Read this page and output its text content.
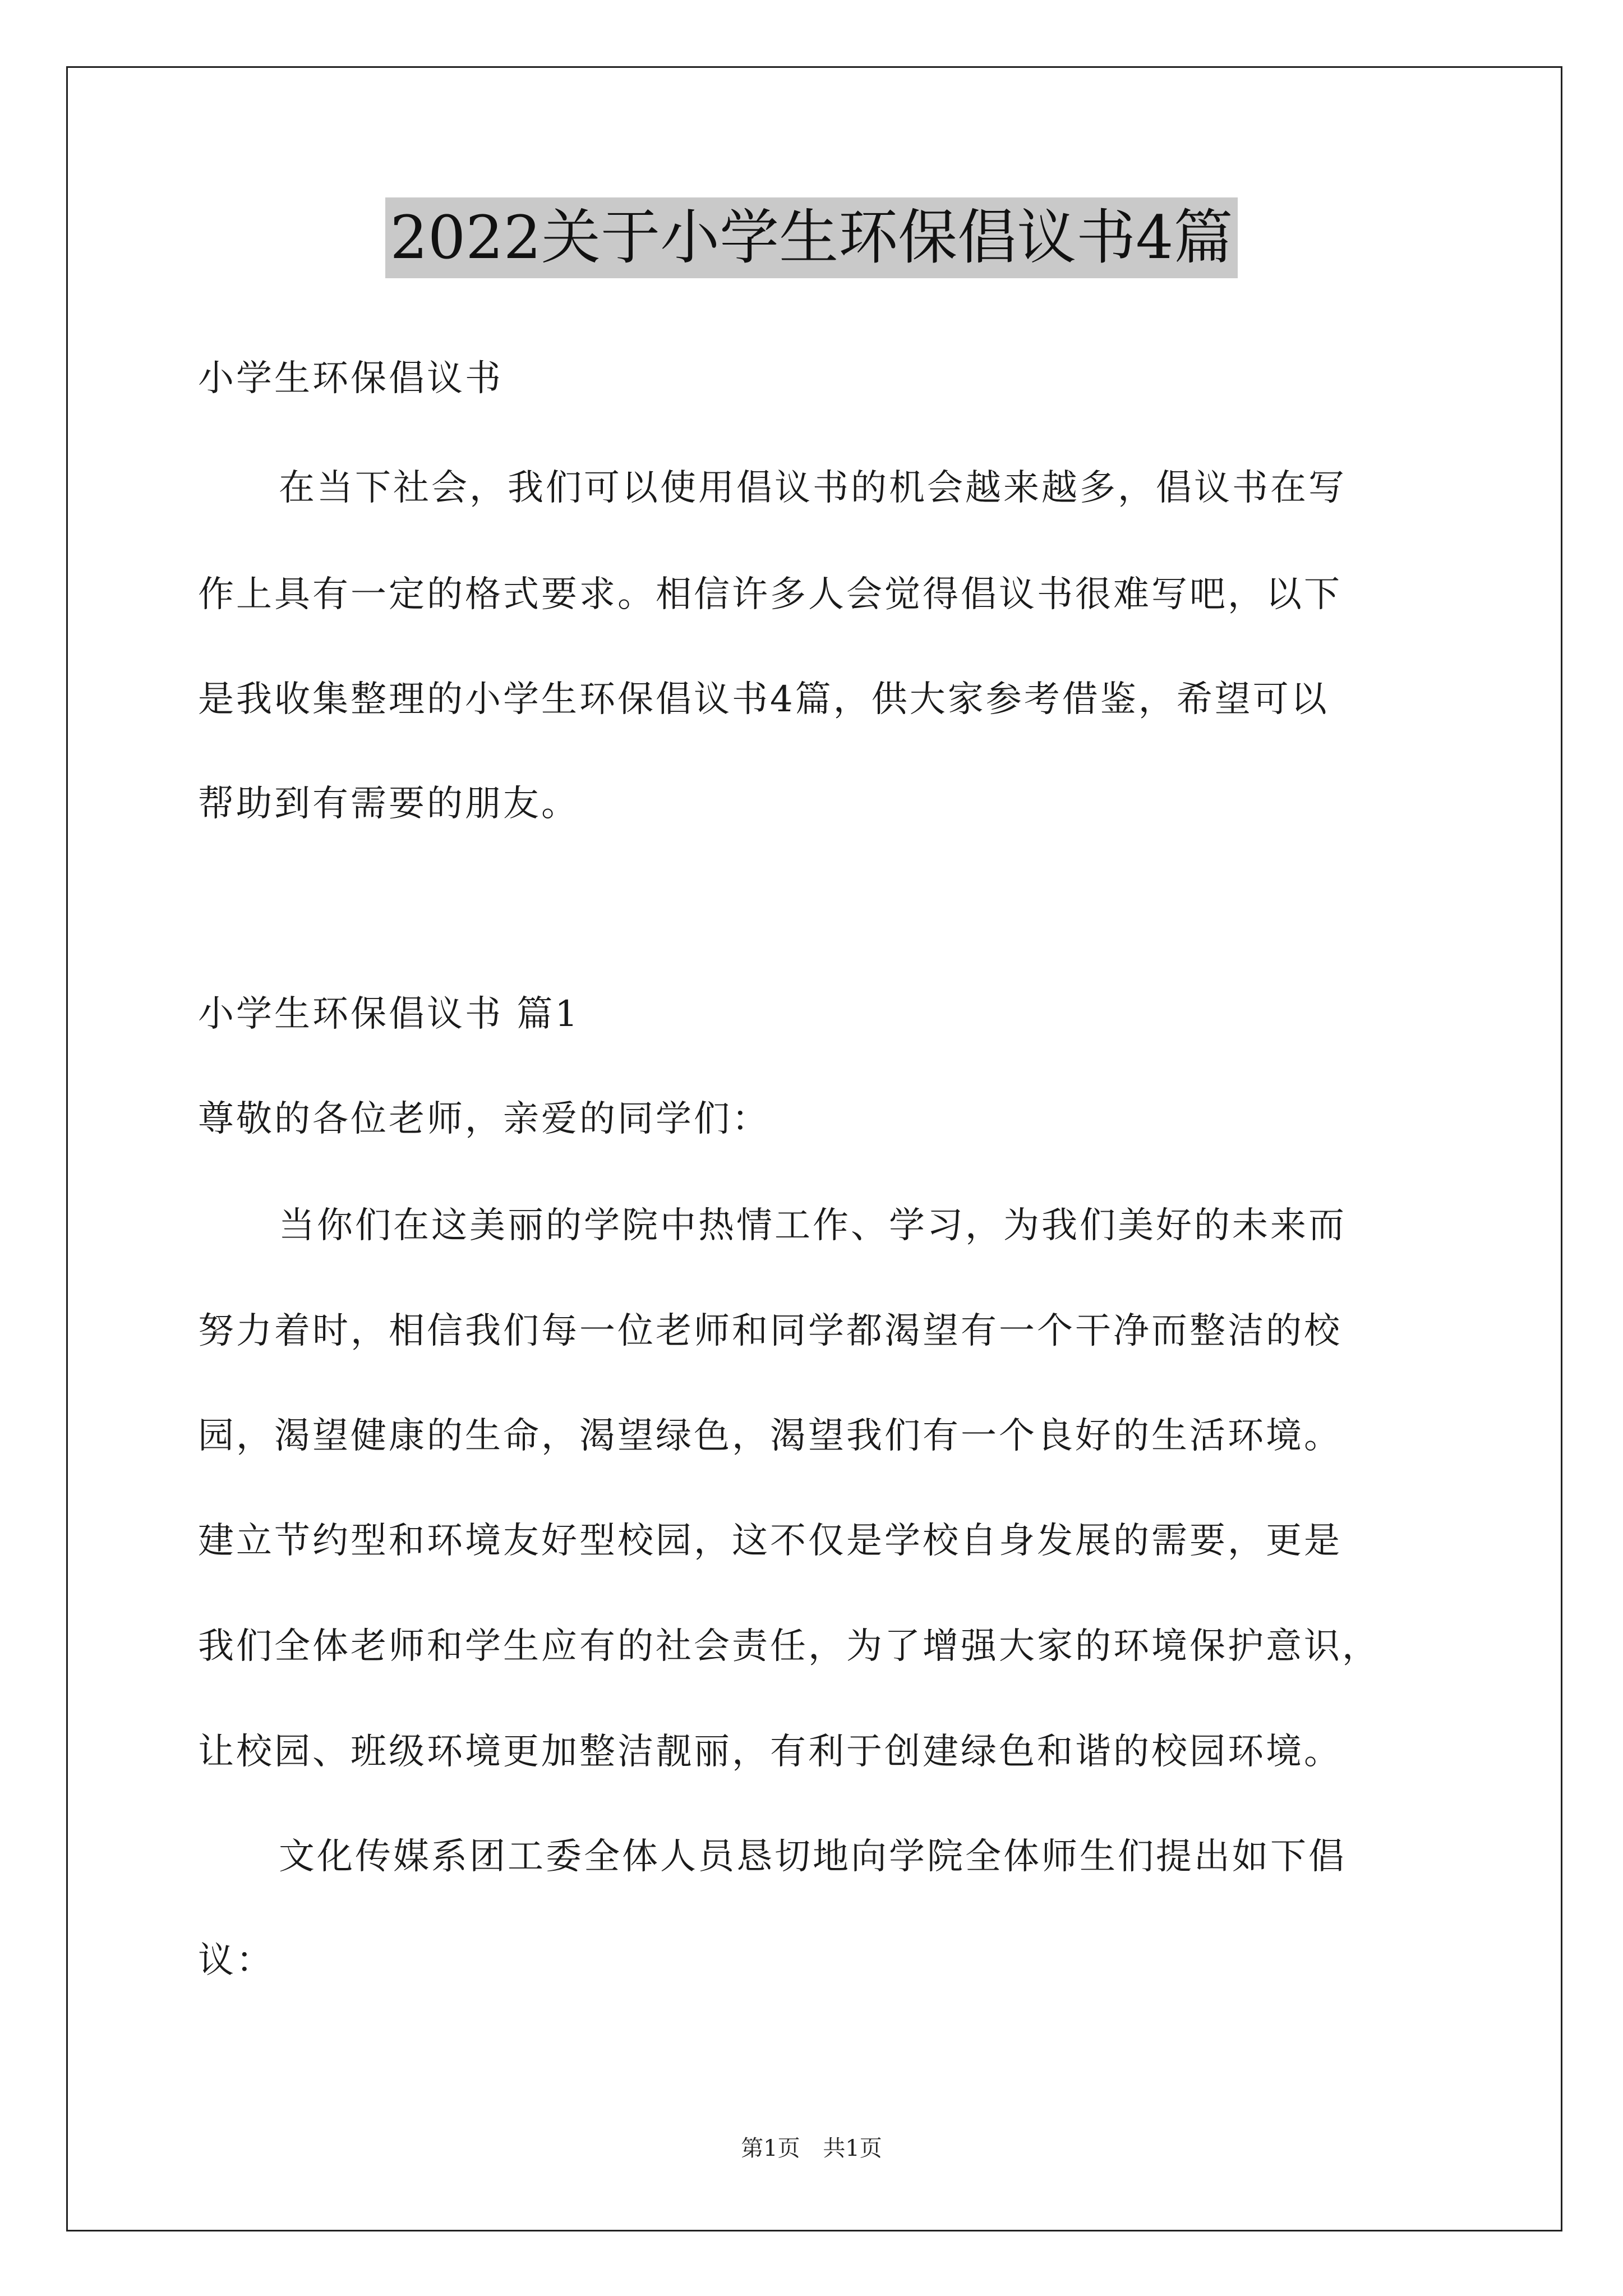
2022关于小学生环保倡议书4篇
小学生环保倡议书
在当下社会，我们可以使用倡议书的机会越来越多，倡议书在写
作上具有一定的格式要求。相信许多人会觉得倡议书很难写吧，以下
是我收集整理的小学生环保倡议书4篇，供大家参考借鉴，希望可以
帮助到有需要的朋友。
小学生环保倡议书 篇1
尊敬的各位老师，亲爱的同学们：
当你们在这美丽的学院中热情工作、学习，为我们美好的未来而
努力着时，相信我们每一位老师和同学都渴望有一个干净而整洁的校
园，渴望健康的生命，渴望绿色，渴望我们有一个良好的生活环境。
建立节约型和环境友好型校园，这不仅是学校自身发展的需要，更是
我们全体老师和学生应有的社会责任，为了增强大家的环境保护意识，
让校园、班级环境更加整洁靓丽，有利于创建绿色和谐的校园环境。
文化传媒系团工委全体人员恳切地向学院全体师生们提出如下倡
议：
第1页 共1页
